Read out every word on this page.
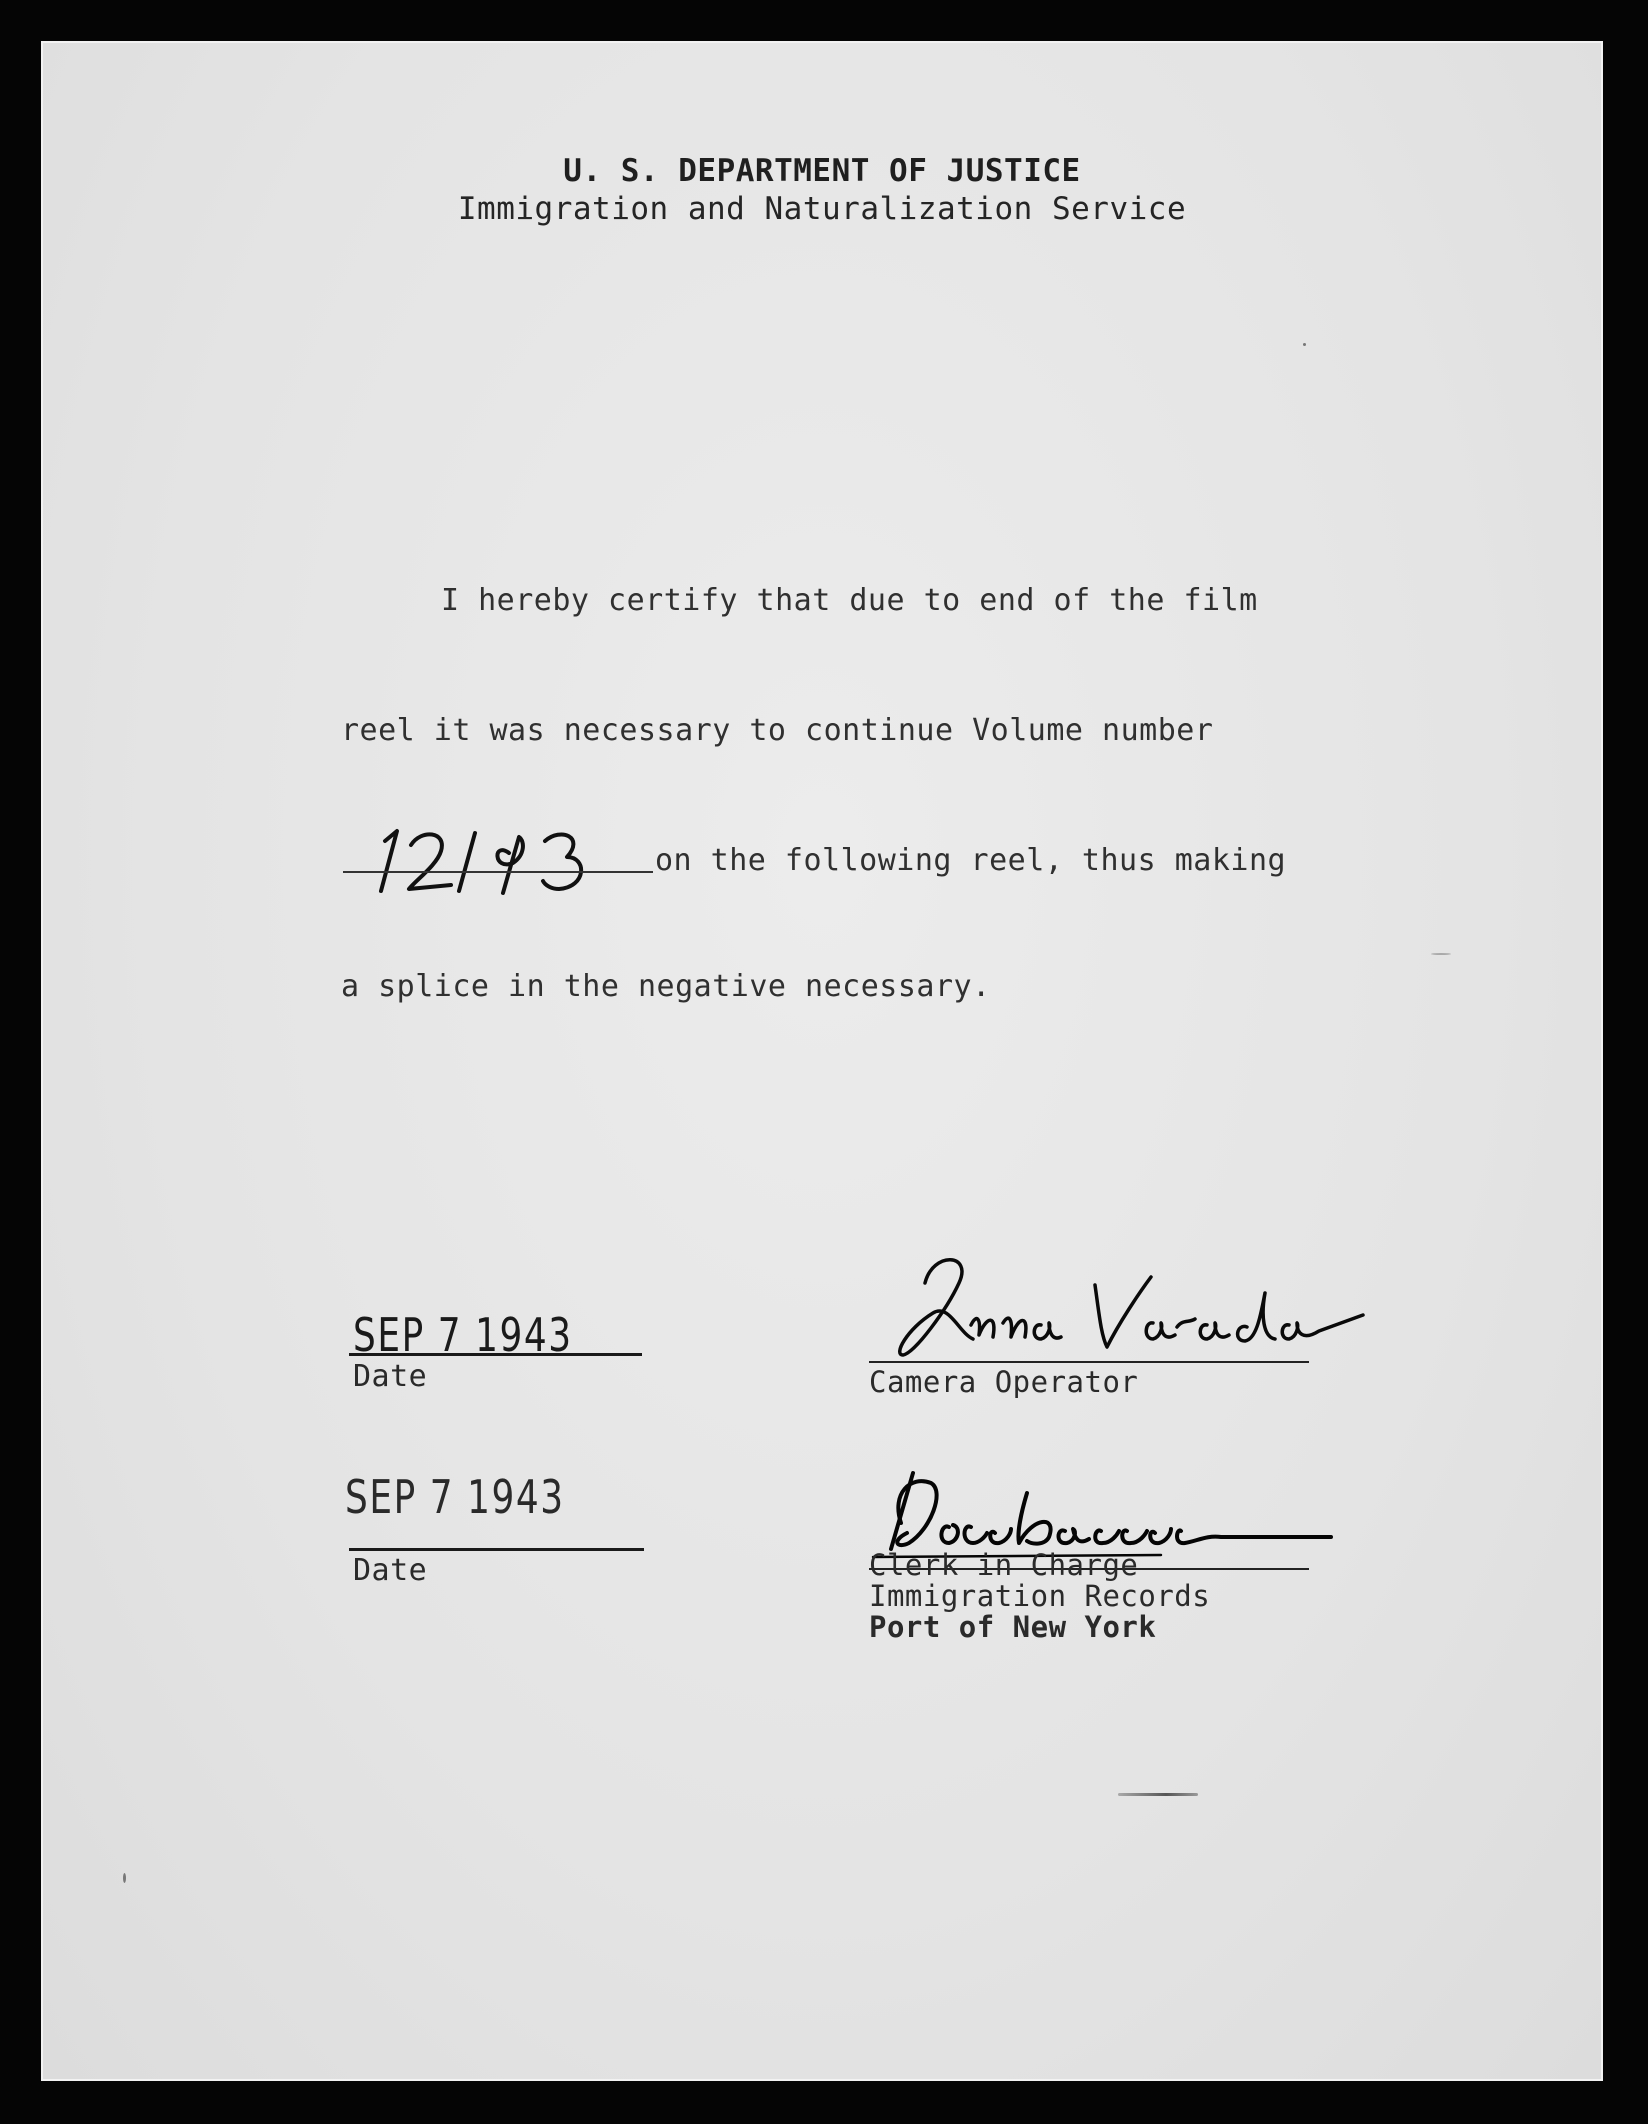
U. S. DEPARTMENT OF JUSTICE
Immigration and Naturalization Service
I hereby certify that due to end of the film
reel it was necessary to continue Volume number
12193
on the following reel, thus making
a splice in the negative necessary.
SEP 7 1943
Date
Anna Varada
Camera Operator
SEP 7 1943
Date	Clerk in Charge
Immigration Records
Port of New York
